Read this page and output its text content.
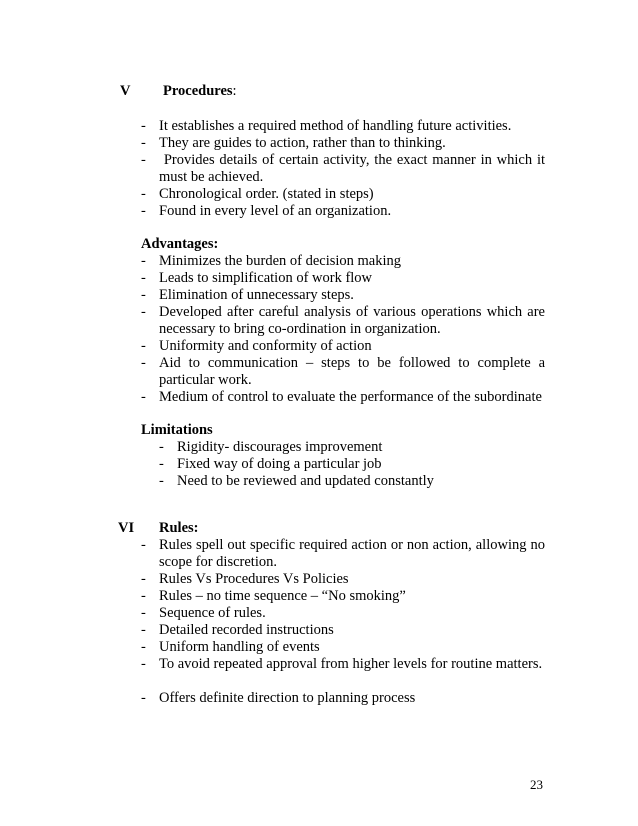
V Procedures:
- It establishes a required method of handling future activities.
- They are guides to action, rather than to thinking.
- Provides details of certain activity, the exact manner in which it must be achieved.
- Chronological order. (stated in steps)
- Found in every level of an organization.
Advantages:
- Minimizes the burden of decision making
- Leads to simplification of work flow
- Elimination of unnecessary steps.
- Developed after careful analysis of various operations which are necessary to bring co-ordination in organization.
- Uniformity and conformity of action
- Aid to communication – steps to be followed to complete a particular work.
- Medium of control to evaluate the performance of the subordinate
Limitations
- Rigidity- discourages improvement
- Fixed way of doing a particular job
- Need to be reviewed and updated constantly
VI Rules:
- Rules spell out specific required action or non action, allowing no scope for discretion.
- Rules Vs Procedures Vs Policies
- Rules – no time sequence – “No smoking”
- Sequence of rules.
- Detailed recorded instructions
- Uniform handling of events
- To avoid repeated approval from higher levels for routine matters.
- Offers definite direction to planning process
23
